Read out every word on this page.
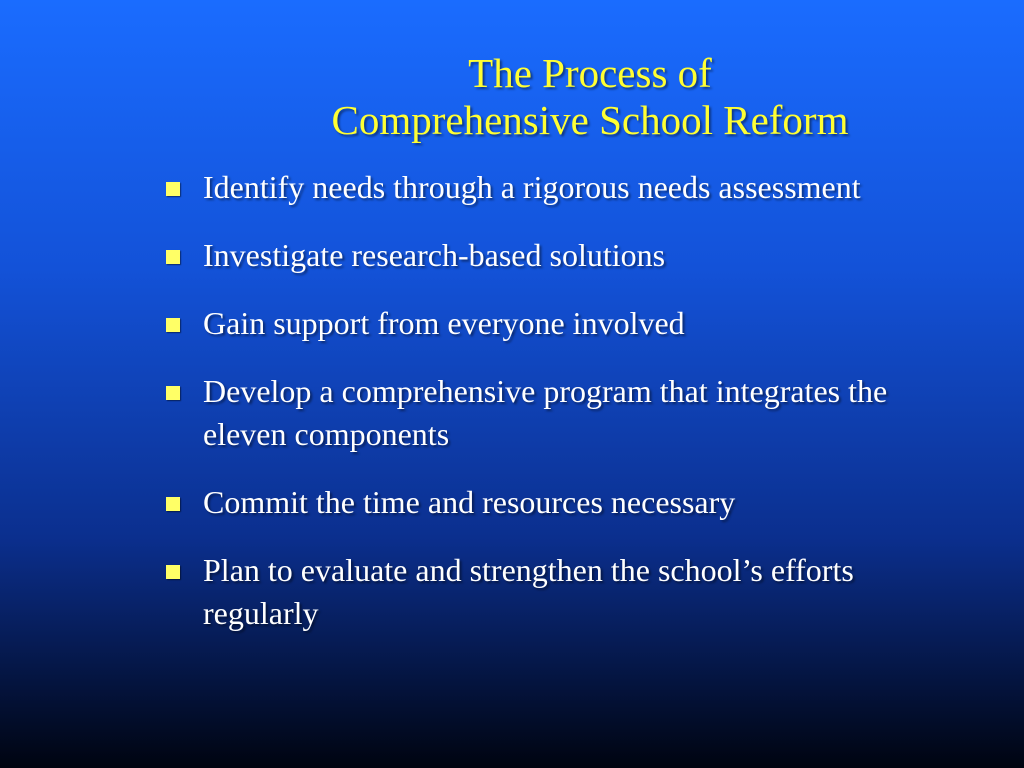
The Process of
Comprehensive School Reform
Identify needs through a rigorous needs assessment
Investigate research-based solutions
Gain support from everyone involved
Develop a comprehensive program that integrates the
eleven components
Commit the time and resources necessary
Plan to evaluate and strengthen the school’s efforts
regularly
